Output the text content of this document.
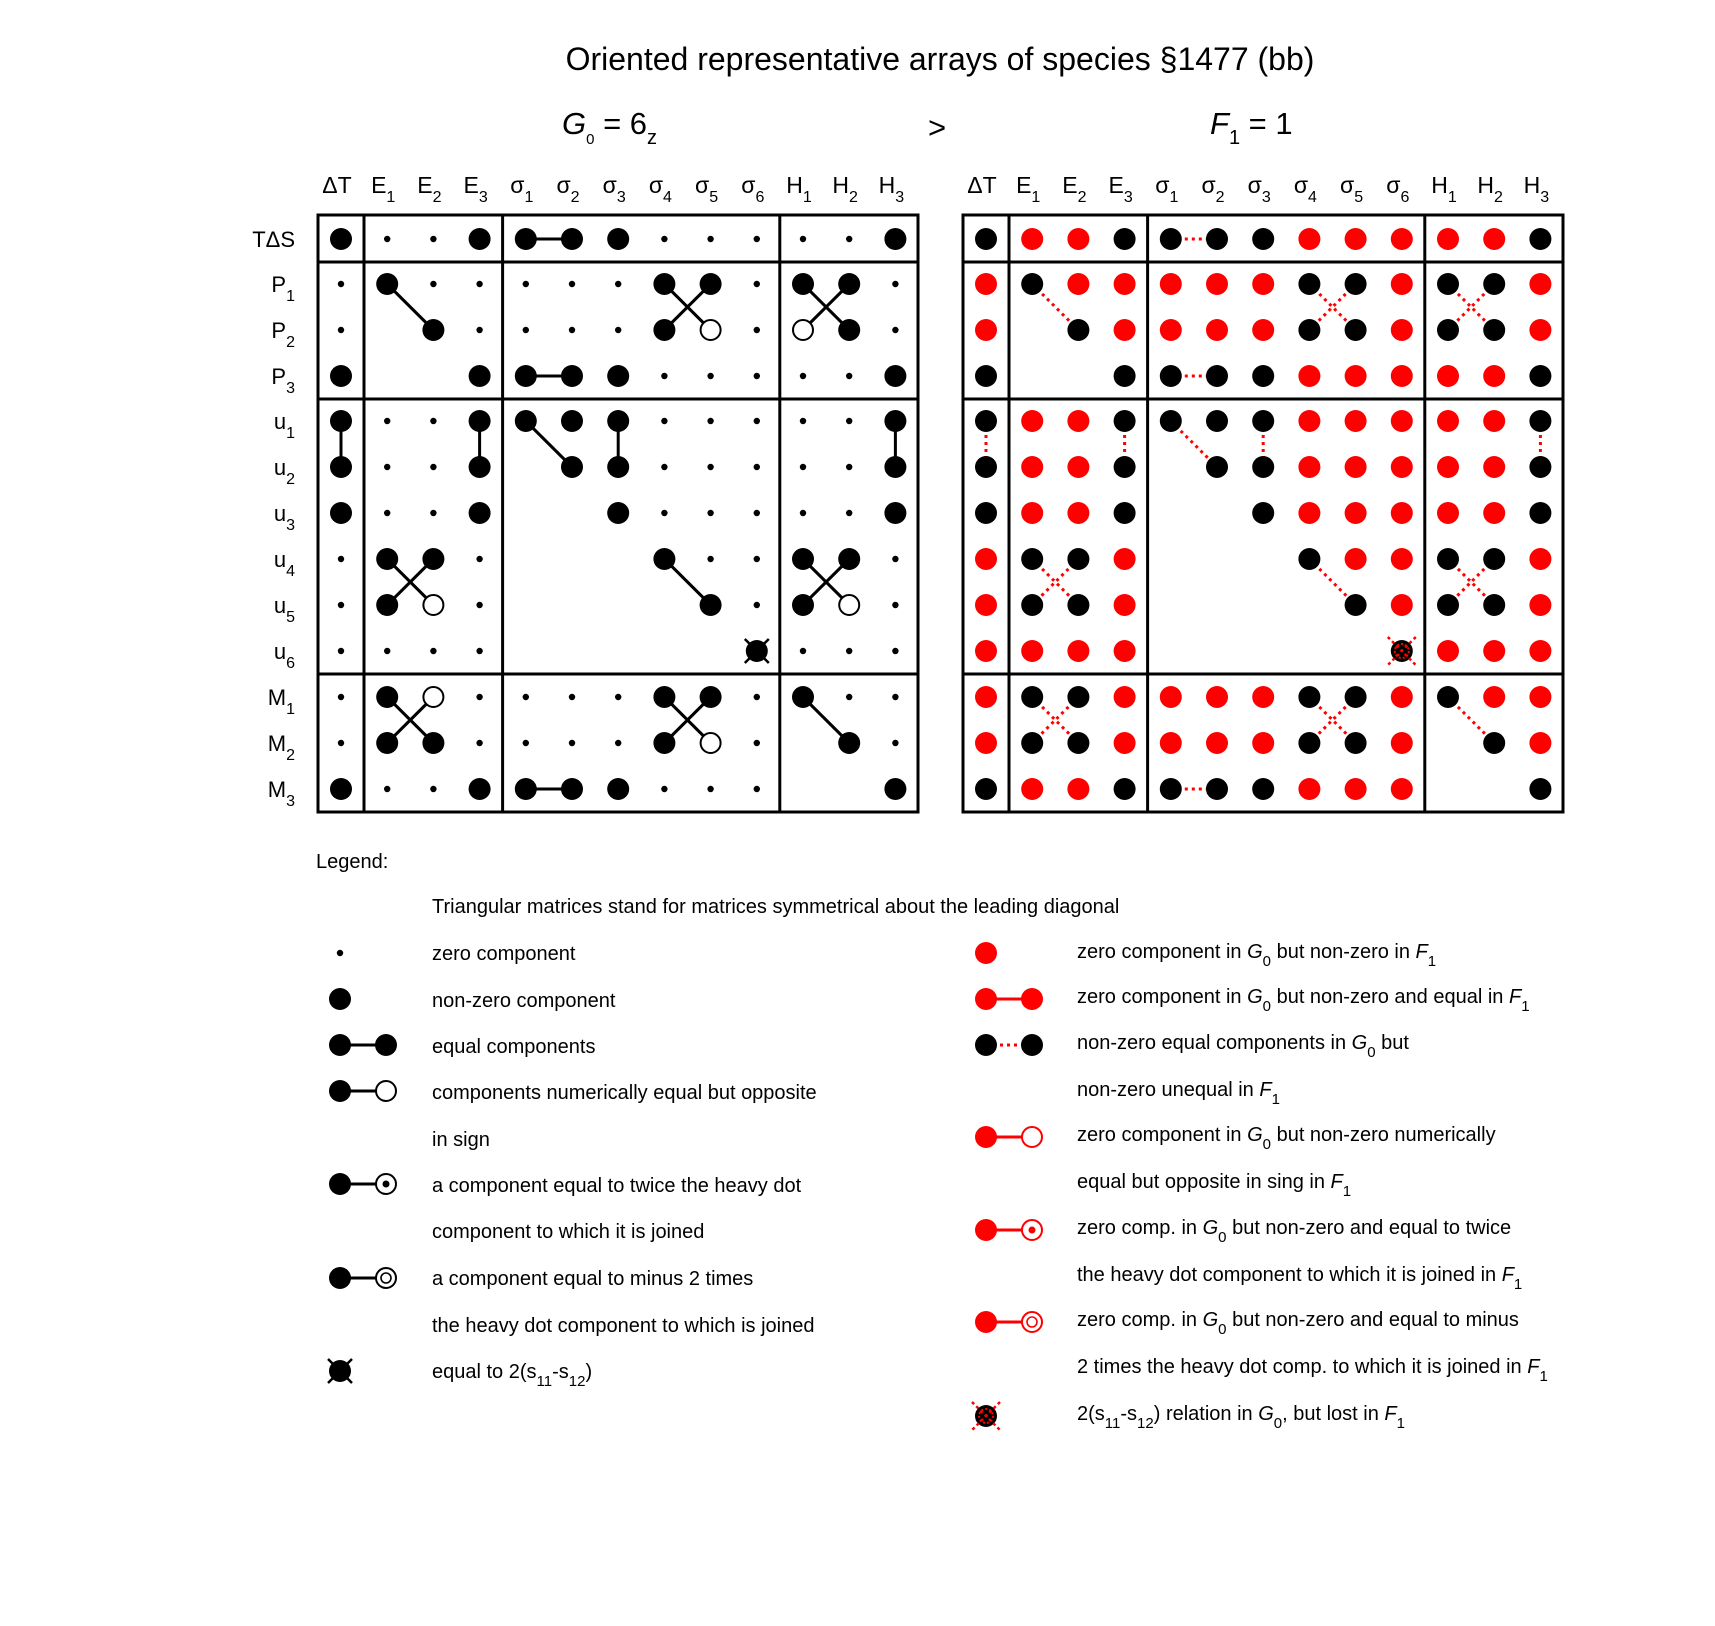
Oriented representative arrays of species §1477 (bb)
$G_0 = 6_z$	>	$F_1 = 1$
ΔT $E_1$ $E_2$ $E_3$ $\sigma_1$ $\sigma_2$ $\sigma_3$ $\sigma_4$ $\sigma_5$ $\sigma_6$ $H_1$ $H_2$ $H_3$
TΔS
$P_1$
$P_2$
$P_3$
$u_1$
$u_2$
$u_3$
$u_4$
$u_5$
$u_6$
$M_1$
$M_2$
$M_3$
ΔT $E_1$ $E_2$ $E_3$ $\sigma_1$ $\sigma_2$ $\sigma_3$ $\sigma_4$ $\sigma_5$ $\sigma_6$ $H_1$ $H_2$ $H_3$
Legend:
Triangular matrices stand for matrices symmetrical about the leading diagonal
zero component
non-zero component
equal components
components numerically equal but opposite
in sign
a component equal to twice the heavy dot
component to which it is joined
a component equal to minus 2 times
the heavy dot component to which is joined
equal to $2(s_{11}-s_{12})$
zero component in $G_0$ but non-zero in $F_1$
zero component in $G_0$ but non-zero and equal in $F_1$
non-zero equal components in $G_0$ but
non-zero unequal in $F_1$
zero component in $G_0$ but non-zero numerically
equal but opposite in sing in $F_1$
zero comp. in $G_0$ but non-zero and equal to twice
the heavy dot component to which it is joined in $F_1$
zero comp. in $G_0$ but non-zero and equal to minus
2 times the heavy dot comp. to which it is joined in $F_1$
$2(s_{11}-s_{12})$ relation in $G_0$, but lost in $F_1$
